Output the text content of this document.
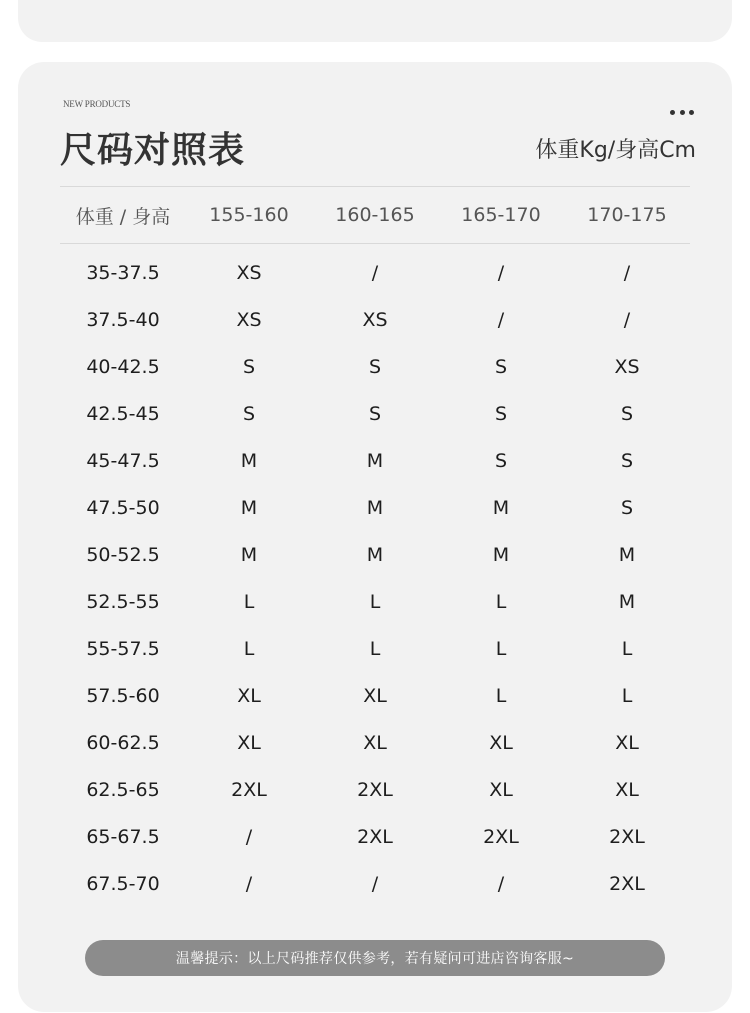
NEW PRODUCTS
尺码对照表	体重Kg/身高Cm
体重 / 身高	155-160	160-165	165-170	170-175
35-37.5	XS	/	/	/
37.5-40	XS	XS	/	/
40-42.5	S	S	S	XS
42.5-45	S	S	S	S
45-47.5	M	M	S	S
47.5-50	M	M	M	S
50-52.5	M	M	M	M
52.5-55	L	L	L	M
55-57.5	L	L	L	L
57.5-60	XL	XL	L	L
60-62.5	XL	XL	XL	XL
62.5-65	2XL	2XL	XL	XL
65-67.5	/	2XL	2XL	2XL
67.5-70	/	/	/	2XL
温馨提示：以上尺码推荐仅供参考，若有疑问可进店咨询客服~
